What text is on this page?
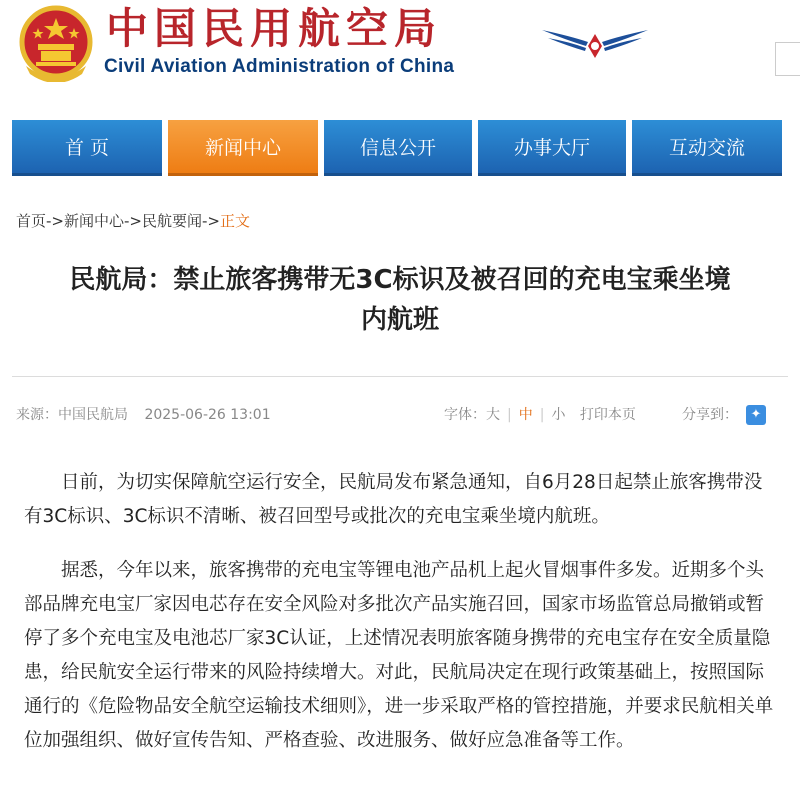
中国民用航空局
Civil Aviation Administration of China
首 页	新闻中心	信息公开	办事大厅	互动交流
首页->新闻中心->民航要闻->正文
民航局：禁止旅客携带无3C标识及被召回的充电宝乘坐境
内航班
来源：中国民航局 2025-06-26 13:01	字体：大 | 中 | 小 打印本页	分享到： ✦

日前，为切实保障航空运行安全，民航局发布紧急通知，自6月28日起禁止旅客携带没有3C标识、3C标识不清晰、被召回型号或批次的充电宝乘坐境内航班。

据悉，今年以来，旅客携带的充电宝等锂电池产品机上起火冒烟事件多发。近期多个头部品牌充电宝厂家因电芯存在安全风险对多批次产品实施召回，国家市场监管总局撤销或暂停了多个充电宝及电池芯厂家3C认证，上述情况表明旅客随身携带的充电宝存在安全质量隐患，给民航安全运行带来的风险持续增大。对此，民航局决定在现行政策基础上，按照国际通行的《危险物品安全航空运输技术细则》，进一步采取严格的管控措施，并要求民航相关单位加强组织、做好宣传告知、严格查验、改进服务、做好应急准备等工作。
